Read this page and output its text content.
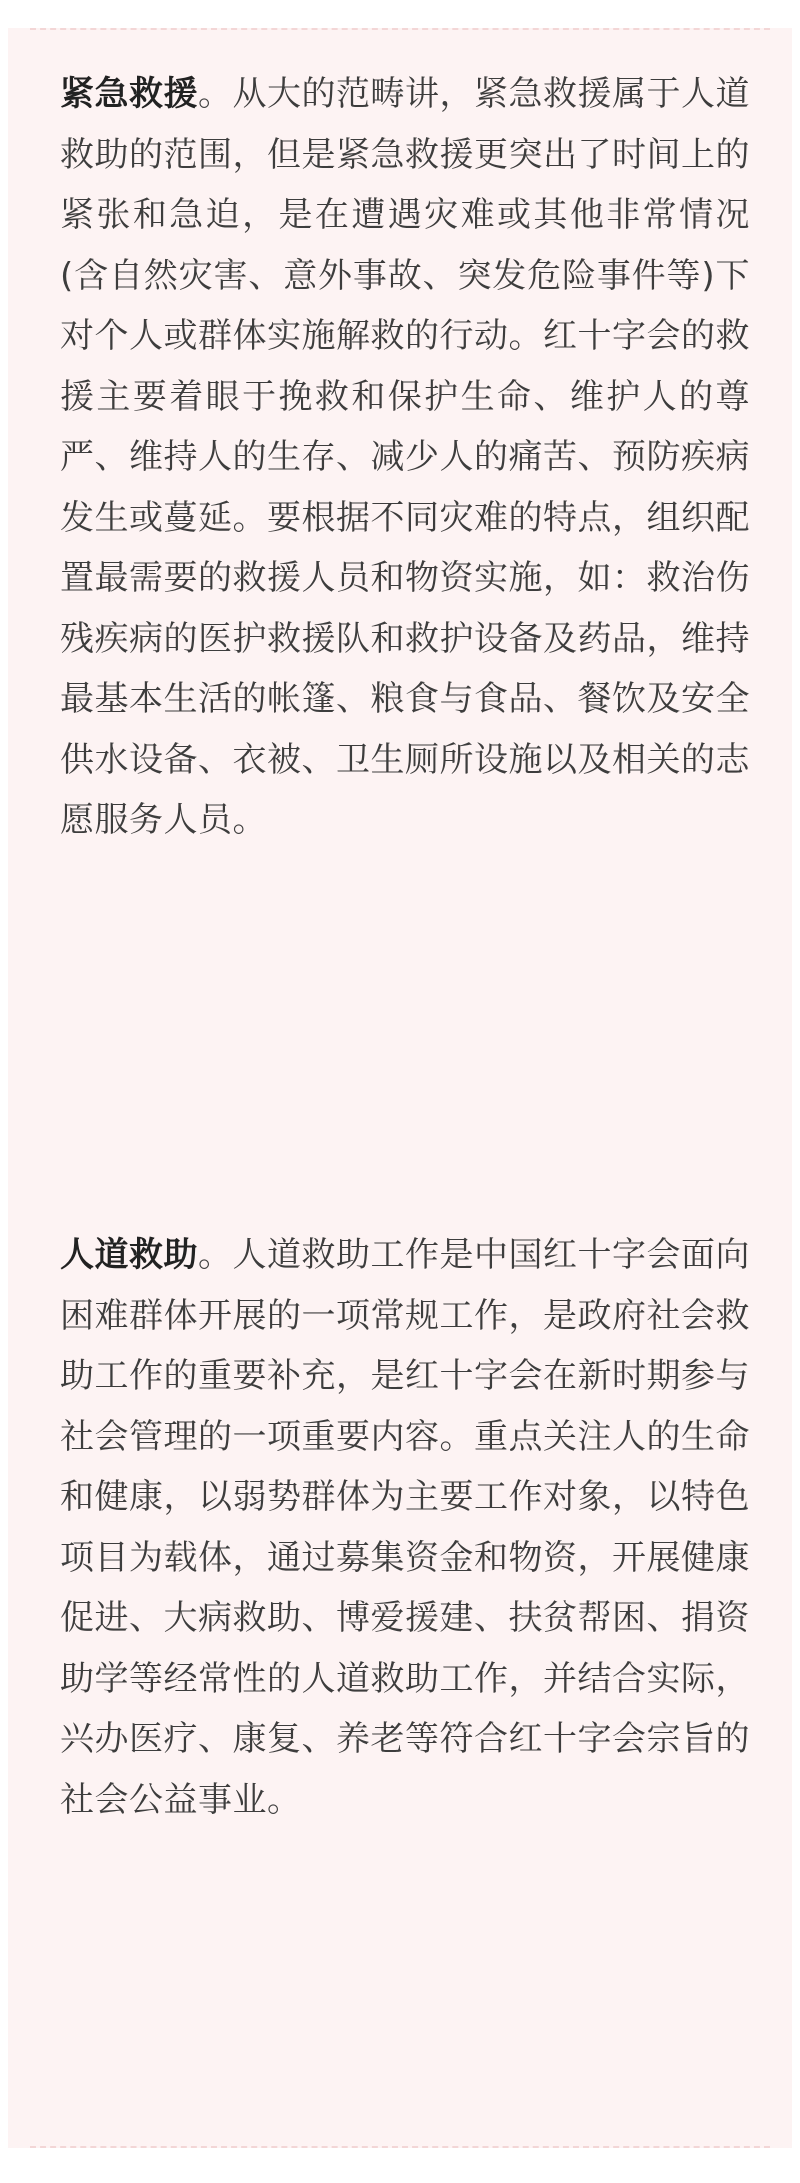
紧急救援。从大的范畴讲，紧急救援属于人道救助的范围，但是紧急救援更突出了时间上的紧张和急迫，是在遭遇灾难或其他非常情况(含自然灾害、意外事故、突发危险事件等)下对个人或群体实施解救的行动。红十字会的救援主要着眼于挽救和保护生命、维护人的尊严、维持人的生存、减少人的痛苦、预防疾病发生或蔓延。要根据不同灾难的特点，组织配置最需要的救援人员和物资实施，如：救治伤残疾病的医护救援队和救护设备及药品，维持最基本生活的帐篷、粮食与食品、餐饮及安全供水设备、衣被、卫生厕所设施以及相关的志愿服务人员。

人道救助。人道救助工作是中国红十字会面向困难群体开展的一项常规工作，是政府社会救助工作的重要补充，是红十字会在新时期参与社会管理的一项重要内容。重点关注人的生命和健康，以弱势群体为主要工作对象，以特色项目为载体，通过募集资金和物资，开展健康促进、大病救助、博爱援建、扶贫帮困、捐资助学等经常性的人道救助工作，并结合实际，兴办医疗、康复、养老等符合红十字会宗旨的社会公益事业。
